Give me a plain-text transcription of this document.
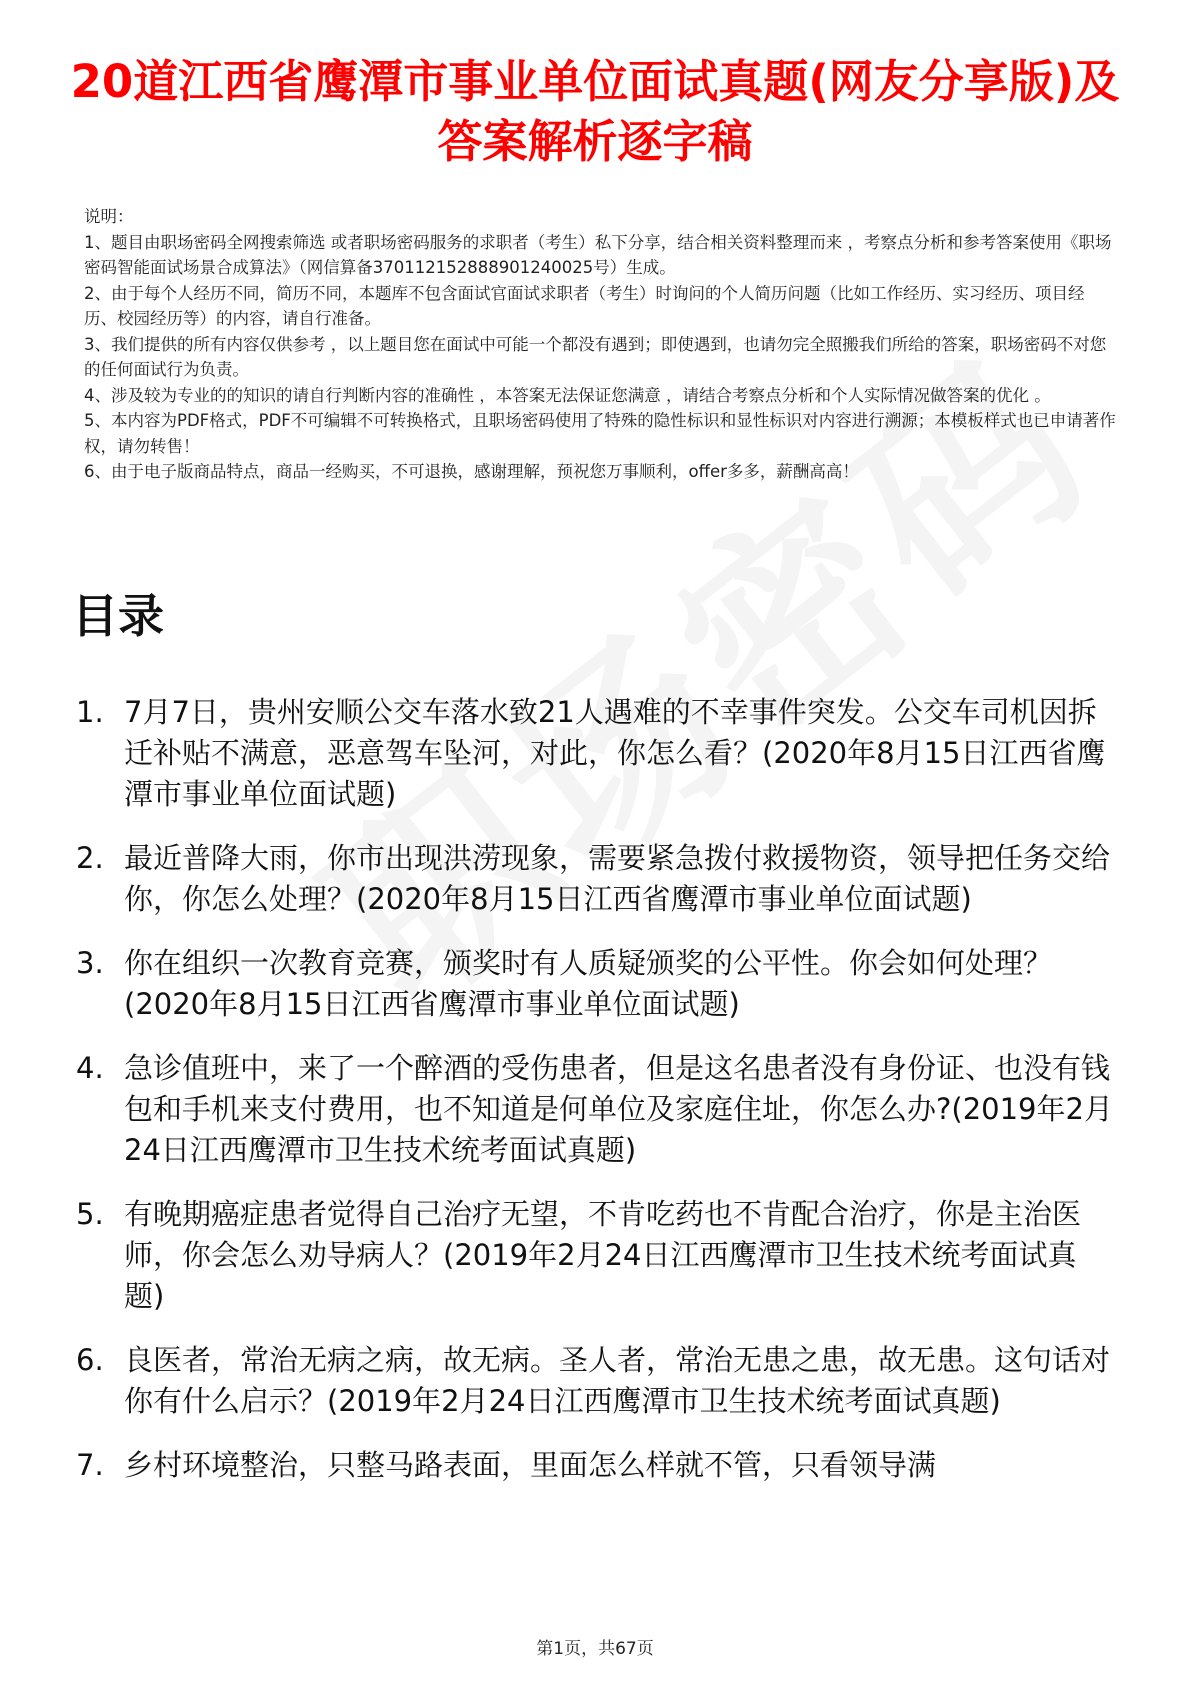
20道江西省鹰潭市事业单位面试真题(网友分享版)及答案解析逐字稿

说明：

1、题目由职场密码全网搜索筛选 或者职场密码服务的求职者（考生）私下分享，结合相关资料整理而来 ，考察点分析和参考答案使用《职场密码智能面试场景合成算法》（网信算备370112152888901240025号）生成。

2、由于每个人经历不同，简历不同，本题库不包含面试官面试求职者（考生）时询问的个人简历问题（比如工作经历、实习经历、项目经历、校园经历等）的内容，请自行准备。

3、我们提供的所有内容仅供参考 ，以上题目您在面试中可能一个都没有遇到；即使遇到，也请勿完全照搬我们所给的答案，职场密码不对您的任何面试行为负责。

4、涉及较为专业的的知识的请自行判断内容的准确性 ，本答案无法保证您满意 ，请结合考察点分析和个人实际情况做答案的优化 。

5、本内容为PDF格式，PDF不可编辑不可转换格式，且职场密码使用了特殊的隐性标识和显性标识对内容进行溯源；本模板样式也已申请著作权，请勿转售！

6、由于电子版商品特点，商品一经购买，不可退换，感谢理解，预祝您万事顺利，offer多多，薪酬高高！

目录
1. 7月7日，贵州安顺公交车落水致21人遇难的不幸事件突发。公交车司机因拆迁补贴不满意，恶意驾车坠河，对此，你怎么看？(2020年8月15日江西省鹰潭市事业单位面试题)
2. 最近普降大雨，你市出现洪涝现象，需要紧急拨付救援物资，领导把任务交给你，你怎么处理？(2020年8月15日江西省鹰潭市事业单位面试题)
3. 你在组织一次教育竞赛，颁奖时有人质疑颁奖的公平性。你会如何处理？(2020年8月15日江西省鹰潭市事业单位面试题)
4. 急诊值班中，来了一个醉酒的受伤患者，但是这名患者没有身份证、也没有钱包和手机来支付费用，也不知道是何单位及家庭住址，你怎么办?(2019年2月24日江西鹰潭市卫生技术统考面试真题)
5. 有晚期癌症患者觉得自己治疗无望，不肯吃药也不肯配合治疗，你是主治医师，你会怎么劝导病人？(2019年2月24日江西鹰潭市卫生技术统考面试真题)
6. 良医者，常治无病之病，故无病。圣人者，常治无患之患，故无患。这句话对你有什么启示？(2019年2月24日江西鹰潭市卫生技术统考面试真题)
7. 乡村环境整治，只整马路表面，里面怎么样就不管，只看领导满
第1页，共67页
